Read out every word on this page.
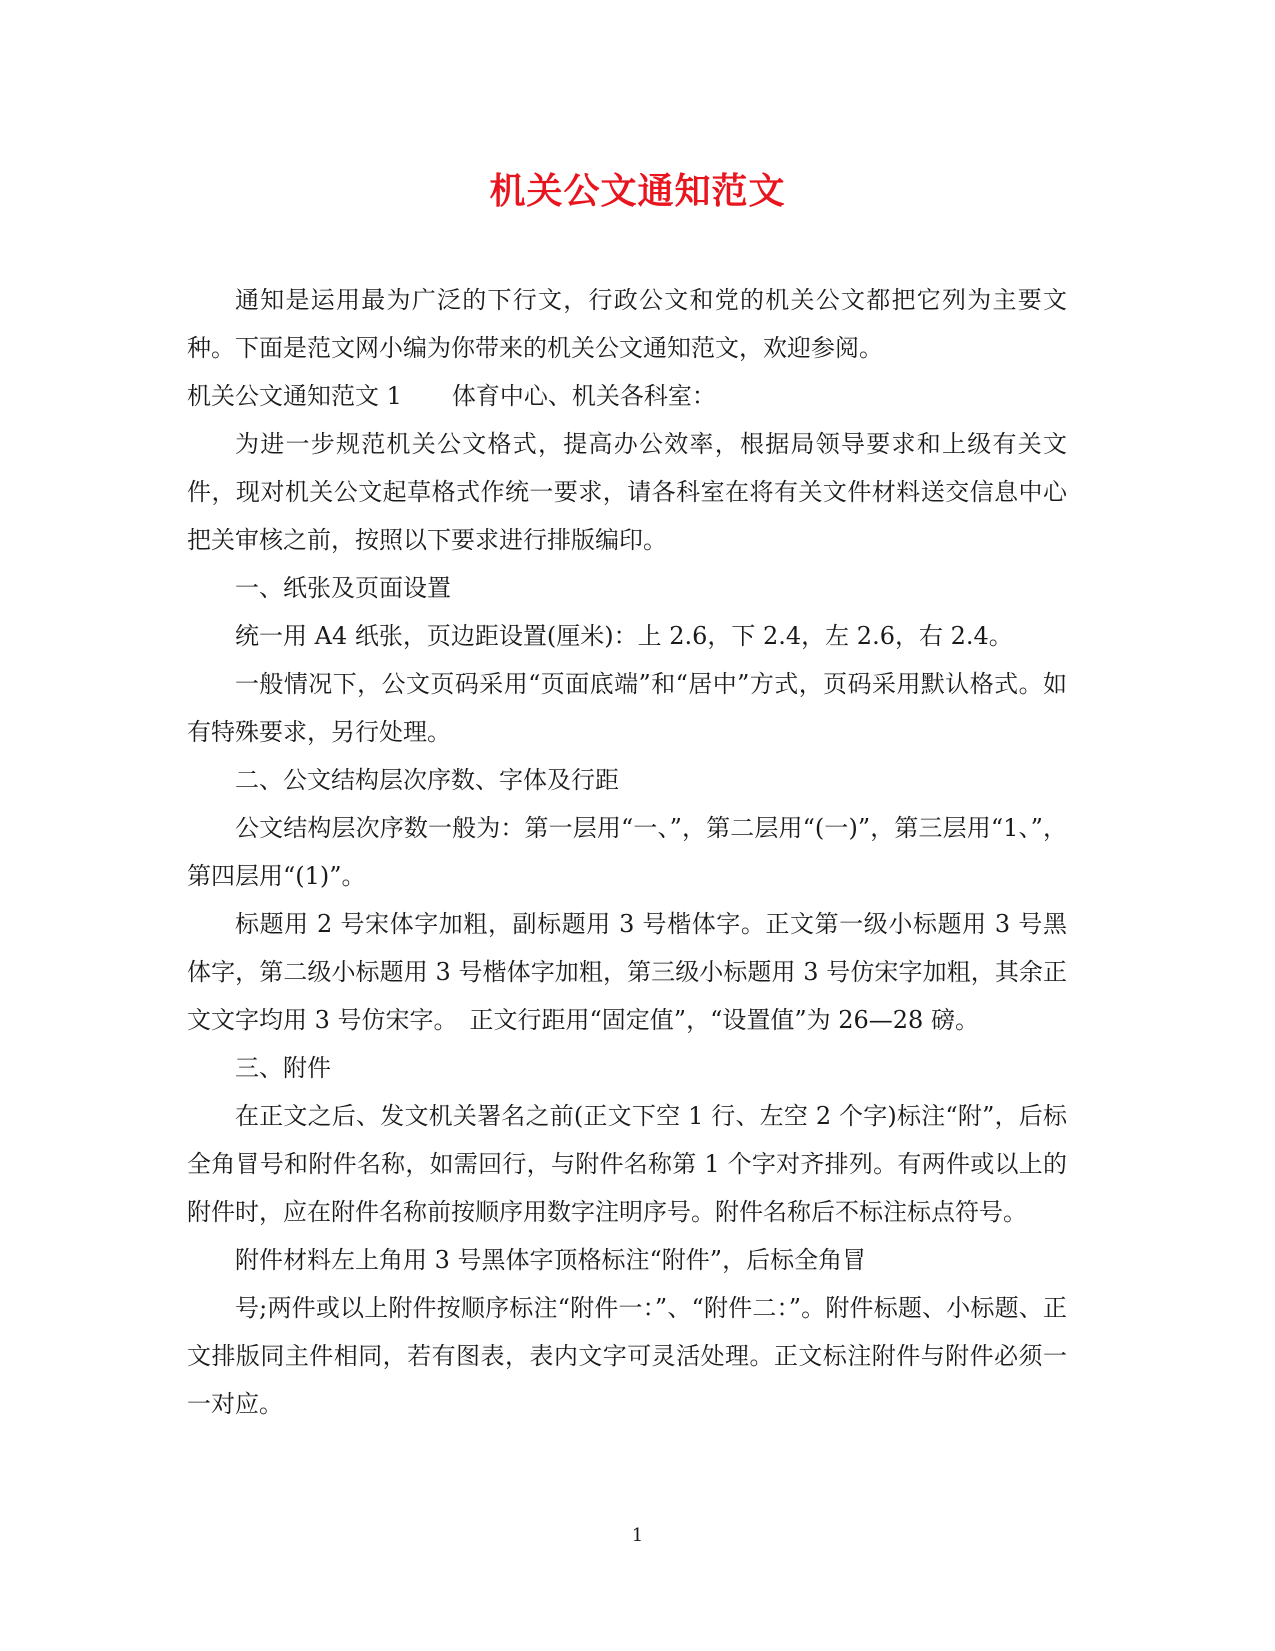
机关公文通知范文

通知是运用最为广泛的下行文，行政公文和党的机关公文都把它列为主要文种。下面是范文网小编为你带来的机关公文通知范文，欢迎参阅。

机关公文通知范文 1 体育中心、机关各科室：

为进一步规范机关公文格式，提高办公效率，根据局领导要求和上级有关文件，现对机关公文起草格式作统一要求，请各科室在将有关文件材料送交信息中心把关审核之前，按照以下要求进行排版编印。

一、纸张及页面设置

统一用 A4 纸张，页边距设置(厘米)：上 2.6，下 2.4，左 2.6，右 2.4。

一般情况下，公文页码采用“页面底端”和“居中”方式，页码采用默认格式。如有特殊要求，另行处理。

二、公文结构层次序数、字体及行距

公文结构层次序数一般为：第一层用“一、”，第二层用“(一)”，第三层用“1、”，第四层用“(1)”。

标题用 2 号宋体字加粗，副标题用 3 号楷体字。正文第一级小标题用 3 号黑体字，第二级小标题用 3 号楷体字加粗，第三级小标题用 3 号仿宋字加粗，其余正文文字均用 3 号仿宋字。　正文行距用“固定值”，“设置值”为 26—28 磅。

三、附件

在正文之后、发文机关署名之前(正文下空 1 行、左空 2 个字)标注“附”，后标全角冒号和附件名称，如需回行，与附件名称第 1 个字对齐排列。有两件或以上的附件时，应在附件名称前按顺序用数字注明序号。附件名称后不标注标点符号。

附件材料左上角用 3 号黑体字顶格标注“附件”，后标全角冒

号;两件或以上附件按顺序标注“附件一：”、“附件二：”。附件标题、小标题、正文排版同主件相同，若有图表，表内文字可灵活处理。正文标注附件与附件必须一一对应。

1
